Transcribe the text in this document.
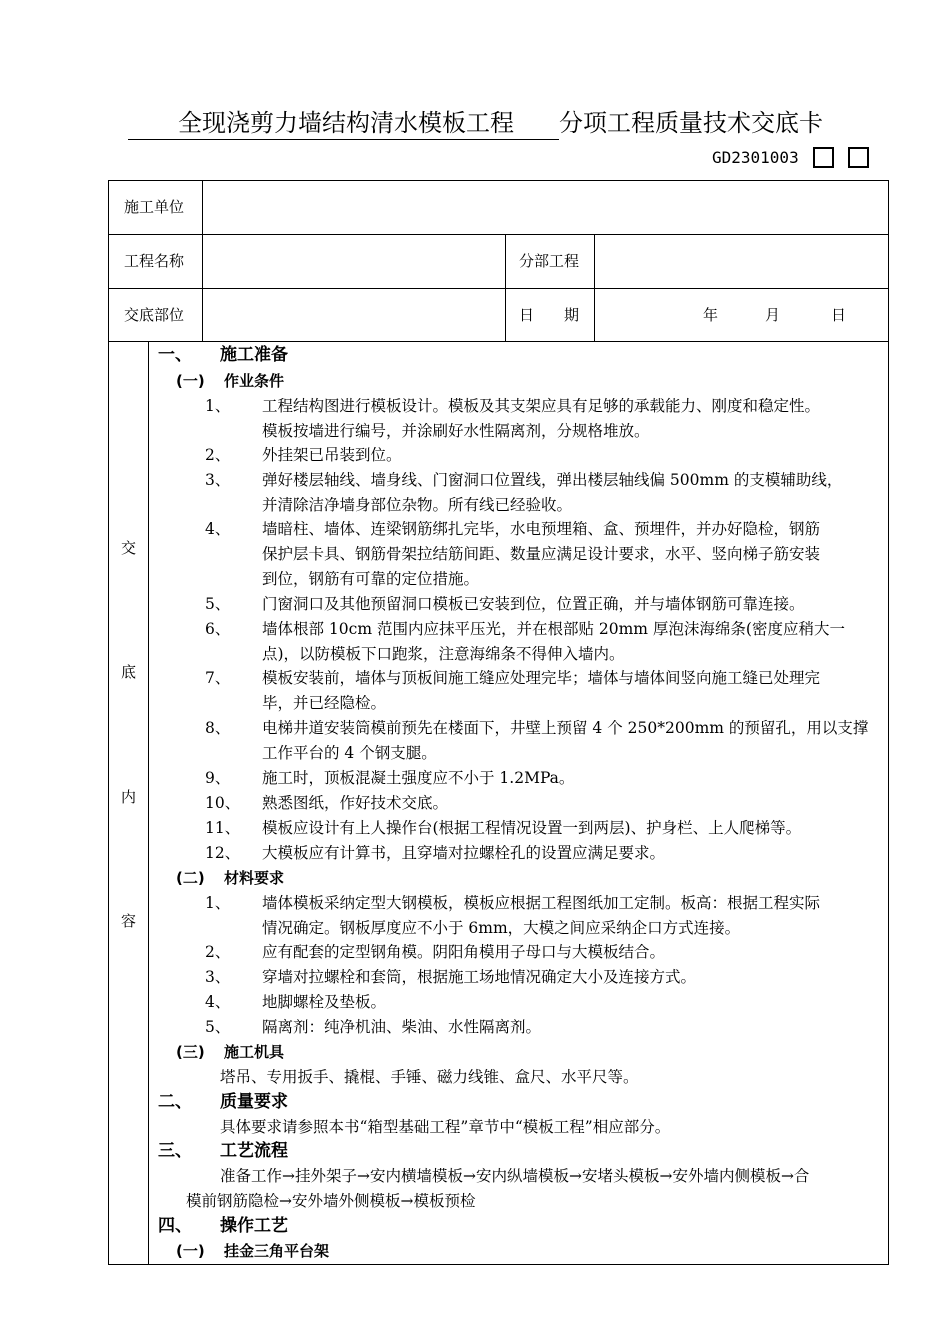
全现浇剪力墙结构清水模板工程 分项工程质量技术交底卡
GD2301003
施工单位
工程名称	分部工程
交底部位	日　　期	年	月	日
交
底
内
容
一、 施工准备
(一) 作业条件
1、 工程结构图进行模板设计。模板及其支架应具有足够的承载能力、刚度和稳定性。
模板按墙进行编号，并涂刷好水性隔离剂，分规格堆放。
2、 外挂架已吊装到位。
3、 弹好楼层轴线、墙身线、门窗洞口位置线，弹出楼层轴线偏 500mm 的支模辅助线，
并清除洁净墙身部位杂物。所有线已经验收。
4、 墙暗柱、墙体、连梁钢筋绑扎完毕，水电预埋箱、盒、预埋件，并办好隐检，钢筋
保护层卡具、钢筋骨架拉结筋间距、数量应满足设计要求，水平、竖向梯子筋安装
到位，钢筋有可靠的定位措施。
5、 门窗洞口及其他预留洞口模板已安装到位，位置正确，并与墙体钢筋可靠连接。
6、 墙体根部 10cm 范围内应抹平压光，并在根部贴 20mm 厚泡沫海绵条(密度应稍大一
点)，以防模板下口跑浆，注意海绵条不得伸入墙内。
7、 模板安装前，墙体与顶板间施工缝应处理完毕；墙体与墙体间竖向施工缝已处理完
毕，并已经隐检。
8、 电梯井道安装筒模前预先在楼面下，井壁上预留 4 个 250*200mm 的预留孔，用以支撑
工作平台的 4 个钢支腿。
9、 施工时，顶板混凝土强度应不小于 1.2MPa。
10、 熟悉图纸，作好技术交底。
11、 模板应设计有上人操作台(根据工程情况设置一到两层)、护身栏、上人爬梯等。
12、 大模板应有计算书，且穿墙对拉螺栓孔的设置应满足要求。
(二) 材料要求
1、 墙体模板采纳定型大钢模板，模板应根据工程图纸加工定制。板高：根据工程实际
情况确定。钢板厚度应不小于 6mm，大模之间应采纳企口方式连接。
2、 应有配套的定型钢角模。阴阳角模用子母口与大模板结合。
3、 穿墙对拉螺栓和套筒，根据施工场地情况确定大小及连接方式。
4、 地脚螺栓及垫板。
5、 隔离剂：纯净机油、柴油、水性隔离剂。
(三) 施工机具
塔吊、专用扳手、撬棍、手锤、磁力线锥、盒尺、水平尺等。
二、 质量要求
具体要求请参照本书“箱型基础工程”章节中“模板工程”相应部分。
三、 工艺流程
准备工作→挂外架子→安内横墙模板→安内纵墙模板→安堵头模板→安外墙内侧模板→合
模前钢筋隐检→安外墙外侧模板→模板预检
四、 操作工艺
(一) 挂金三角平台架
